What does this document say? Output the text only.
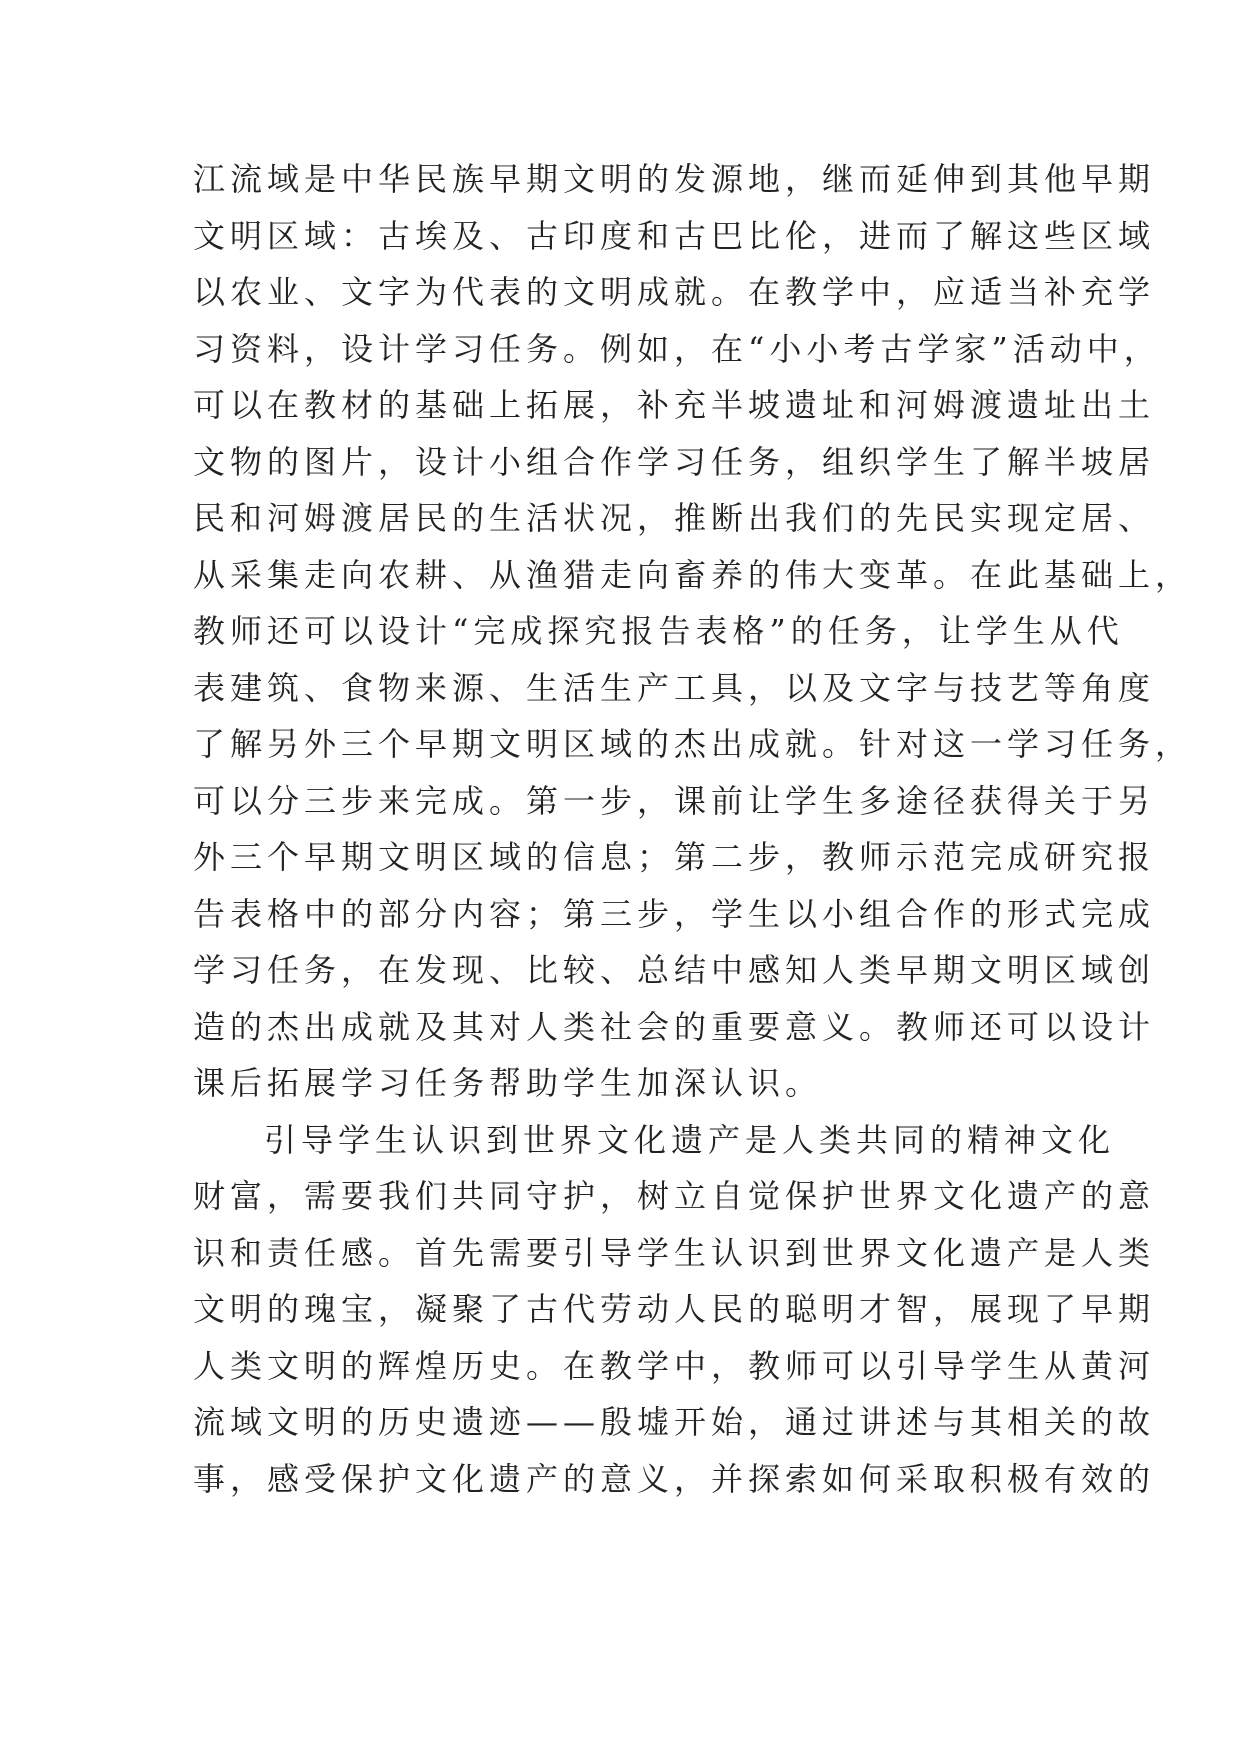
江流域是中华民族早期文明的发源地，继而延伸到其他早期
文明区域：古埃及、古印度和古巴比伦，进而了解这些区域
以农业、文字为代表的文明成就。在教学中，应适当补充学
习资料，设计学习任务。例如，在“小小考古学家”活动中，
可以在教材的基础上拓展，补充半坡遗址和河姆渡遗址出土
文物的图片，设计小组合作学习任务，组织学生了解半坡居
民和河姆渡居民的生活状况，推断出我们的先民实现定居、
从采集走向农耕、从渔猎走向畜养的伟大变革。在此基础上，
教师还可以设计“完成探究报告表格”的任务，让学生从代
表建筑、食物来源、生活生产工具，以及文字与技艺等角度
了解另外三个早期文明区域的杰出成就。针对这一学习任务，
可以分三步来完成。第一步，课前让学生多途径获得关于另
外三个早期文明区域的信息；第二步，教师示范完成研究报
告表格中的部分内容；第三步，学生以小组合作的形式完成
学习任务，在发现、比较、总结中感知人类早期文明区域创
造的杰出成就及其对人类社会的重要意义。教师还可以设计
课后拓展学习任务帮助学生加深认识。
引导学生认识到世界文化遗产是人类共同的精神文化
财富，需要我们共同守护，树立自觉保护世界文化遗产的意
识和责任感。首先需要引导学生认识到世界文化遗产是人类
文明的瑰宝，凝聚了古代劳动人民的聪明才智，展现了早期
人类文明的辉煌历史。在教学中，教师可以引导学生从黄河
流域文明的历史遗迹——殷墟开始，通过讲述与其相关的故
事，感受保护文化遗产的意义，并探索如何采取积极有效的
